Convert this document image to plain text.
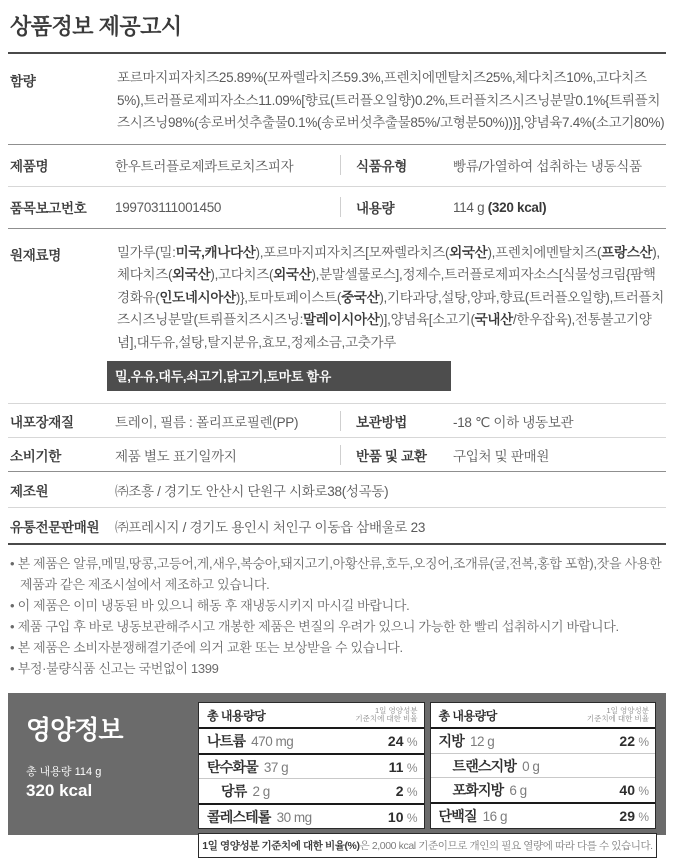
상품정보 제공고시
함량	포르마지피자치즈25.89%(모짜렐라치즈59.3%,프렌치에멘탈치즈25%,체다치즈10%,고다치즈5%),트러플로제피자소스11.09%[향료(트러플오일향)0.2%,트러플치즈시즈닝분말0.1%{트뤼플치즈시즈닝98%(송로버섯추출물0.1%(송로버섯추출물85%/고형분50%))}],양념육7.4%(소고기80%)
제품명	한우트러플로제콰트로치즈피자	식품유형	빵류/가열하여 섭취하는 냉동식품
품목보고번호	199703111001450	내용량	114 g (320 kcal)
원재료명	밀가루(밀:미국,캐나다산),포르마지피자치즈[모짜렐라치즈(외국산),프렌치에멘탈치즈(프랑스산),체다치즈(외국산),고다치즈(외국산),분말셀룰로스],정제수,트러플로제피자소스[식물성크림{팜핵경화유(인도네시아산)},토마토페이스트(중국산),기타과당,설탕,양파,향료(트러플오일향),트러플치즈시즈닝분말(트뤼플치즈시즈닝:말레이시아산)],양념육[소고기(국내산/한우잡육),전통불고기양념],대두유,설탕,탈지분유,효모,정제소금,고춧가루
밀,우유,대두,쇠고기,닭고기,토마토 함유
내포장재질	트레이, 필름 : 폴리프로필렌(PP)	보관방법	-18 ℃ 이하 냉동보관
소비기한	제품 별도 표기일까지	반품 및 교환	구입처 및 판매원
제조원	㈜조흥 / 경기도 안산시 단원구 시화로38(성곡동)
유통전문판매원	㈜프레시지 / 경기도 용인시 처인구 이동읍 삼배울로 23
• 본 제품은 알류,메밀,땅콩,고등어,게,새우,복숭아,돼지고기,아황산류,호두,오징어,조개류(굴,전복,홍합 포함),잣을 사용한 제품과 같은 제조시설에서 제조하고 있습니다.
• 이 제품은 이미 냉동된 바 있으니 해동 후 재냉동시키지 마시길 바랍니다.
• 제품 구입 후 바로 냉동보관해주시고 개봉한 제품은 변질의 우려가 있으니 가능한 한 빨리 섭취하시기 바랍니다.
• 본 제품은 소비자분쟁해결기준에 의거 교환 또는 보상받을 수 있습니다.
• 부정·불량식품 신고는 국번없이 1399
영양정보
총 내용량 114 g
320 kcal
총 내용량당	1일 영양성분
기준치에 대한 비율
나트륨 470 mg	24 %
탄수화물 37 g	11 %
당류 2 g	2 %
콜레스테롤 30 mg	10 %
총 내용량당	1일 영양성분
기준치에 대한 비율
지방 12 g	22 %
트랜스지방 0 g
포화지방 6 g	40 %
단백질 16 g	29 %
1일 영양성분 기준치에 대한 비율(%)은 2,000 kcal 기준이므로 개인의 필요 열량에 따라 다를 수 있습니다.
